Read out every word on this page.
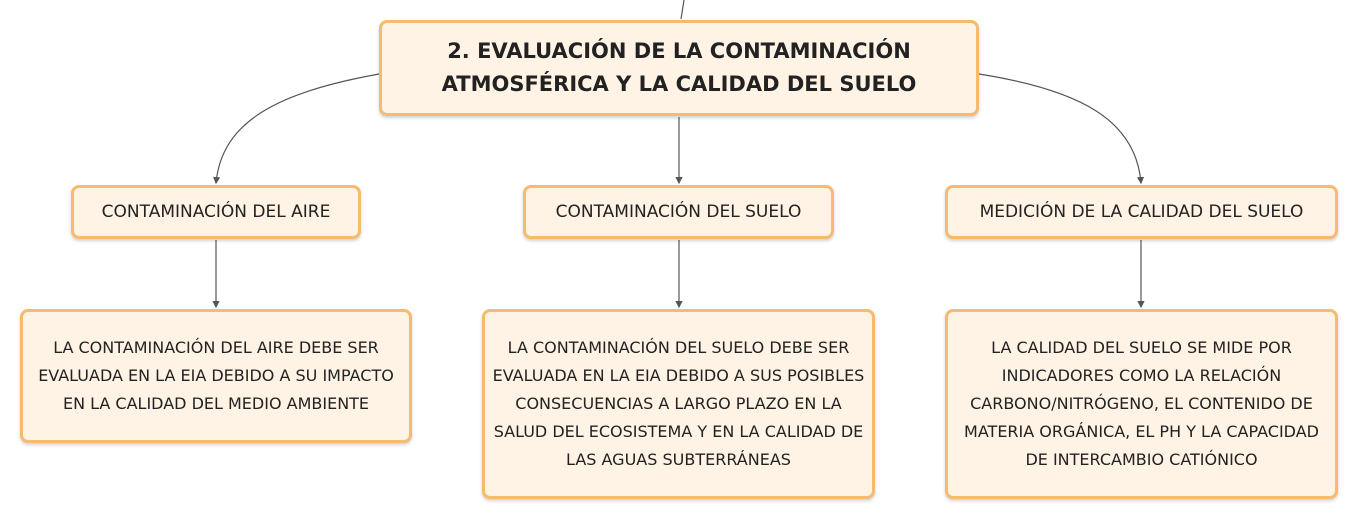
2. EVALUACIÓN DE LA CONTAMINACIÓN
ATMOSFÉRICA Y LA CALIDAD DEL SUELO
CONTAMINACIÓN DEL AIRE	CONTAMINACIÓN DEL SUELO	MEDICIÓN DE LA CALIDAD DEL SUELO
LA CONTAMINACIÓN DEL AIRE DEBE SER
EVALUADA EN LA EIA DEBIDO A SU IMPACTO
EN LA CALIDAD DEL MEDIO AMBIENTE
LA CONTAMINACIÓN DEL SUELO DEBE SER
EVALUADA EN LA EIA DEBIDO A SUS POSIBLES
CONSECUENCIAS A LARGO PLAZO EN LA
SALUD DEL ECOSISTEMA Y EN LA CALIDAD DE
LAS AGUAS SUBTERRÁNEAS
LA CALIDAD DEL SUELO SE MIDE POR
INDICADORES COMO LA RELACIÓN
CARBONO/NITRÓGENO, EL CONTENIDO DE
MATERIA ORGÁNICA, EL PH Y LA CAPACIDAD
DE INTERCAMBIO CATIÓNICO
